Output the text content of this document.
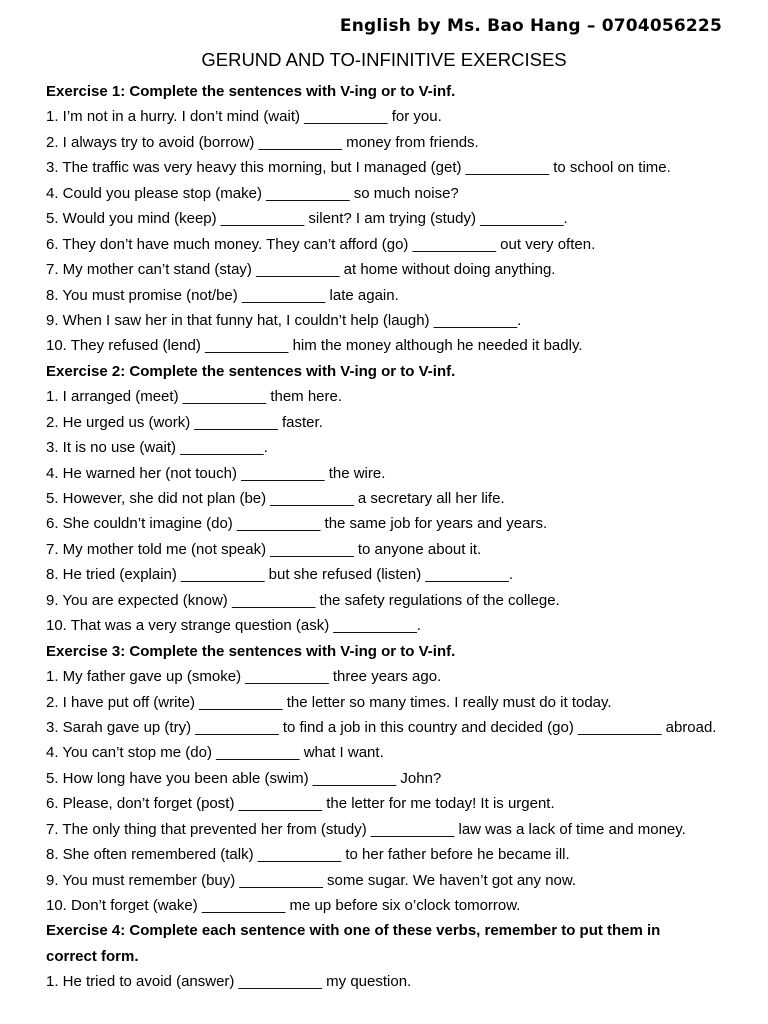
English by Ms. Bao Hang – 0704056225
GERUND AND TO-INFINITIVE EXERCISES
Exercise 1: Complete the sentences with V-ing or to V-inf.
1. I’m not in a hurry. I don’t mind (wait) __________ for you.
2. I always try to avoid (borrow) __________ money from friends.
3. The traffic was very heavy this morning, but I managed (get) __________ to school on time.
4. Could you please stop (make) __________ so much noise?
5. Would you mind (keep) __________ silent? I am trying (study) __________.
6. They don’t have much money. They can’t afford (go) __________ out very often.
7. My mother can’t stand (stay) __________ at home without doing anything.
8. You must promise (not/be) __________ late again.
9. When I saw her in that funny hat, I couldn’t help (laugh) __________.
10. They refused (lend) __________ him the money although he needed it badly.
Exercise 2: Complete the sentences with V-ing or to V-inf.
1. I arranged (meet) __________ them here.
2. He urged us (work) __________ faster.
3. It is no use (wait) __________.
4. He warned her (not touch) __________ the wire.
5. However, she did not plan (be) __________ a secretary all her life.
6. She couldn’t imagine (do) __________ the same job for years and years.
7. My mother told me (not speak) __________ to anyone about it.
8. He tried (explain) __________ but she refused (listen) __________.
9. You are expected (know) __________ the safety regulations of the college.
10. That was a very strange question (ask) __________.
Exercise 3: Complete the sentences with V-ing or to V-inf.
1. My father gave up (smoke) __________ three years ago.
2. I have put off (write) __________ the letter so many times. I really must do it today.
3. Sarah gave up (try) __________ to find a job in this country and decided (go) __________ abroad.
4. You can’t stop me (do) __________ what I want.
5. How long have you been able (swim) __________ John?
6. Please, don’t forget (post) __________ the letter for me today! It is urgent.
7. The only thing that prevented her from (study) __________ law was a lack of time and money.
8. She often remembered (talk) __________ to her father before he became ill.
9. You must remember (buy) __________ some sugar. We haven’t got any now.
10. Don’t forget (wake) __________ me up before six o’clock tomorrow.
Exercise 4: Complete each sentence with one of these verbs, remember to put them in
correct form.
1. He tried to avoid (answer) __________ my question.
